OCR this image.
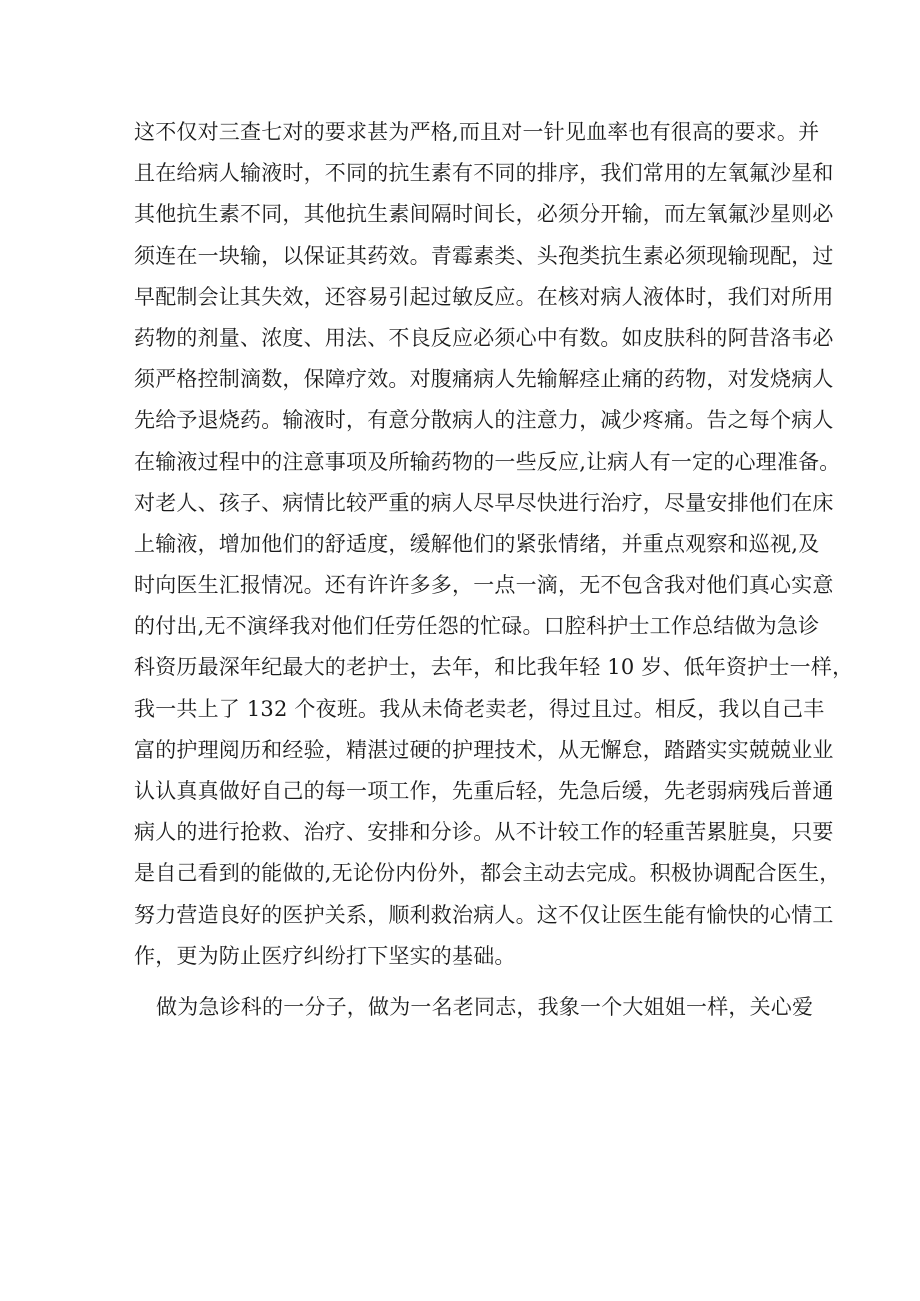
这不仅对三查七对的要求甚为严格,而且对一针见血率也有很高的要求。并
且在给病人输液时，不同的抗生素有不同的排序，我们常用的左氧氟沙星和
其他抗生素不同，其他抗生素间隔时间长，必须分开输，而左氧氟沙星则必
须连在一块输，以保证其药效。青霉素类、头孢类抗生素必须现输现配，过
早配制会让其失效，还容易引起过敏反应。在核对病人液体时，我们对所用
药物的剂量、浓度、用法、不良反应必须心中有数。如皮肤科的阿昔洛韦必
须严格控制滴数，保障疗效。对腹痛病人先输解痉止痛的药物，对发烧病人
先给予退烧药。输液时，有意分散病人的注意力，减少疼痛。告之每个病人
在输液过程中的注意事项及所输药物的一些反应,让病人有一定的心理准备。
对老人、孩子、病情比较严重的病人尽早尽快进行治疗，尽量安排他们在床
上输液，增加他们的舒适度，缓解他们的紧张情绪，并重点观察和巡视,及
时向医生汇报情况。还有许许多多，一点一滴，无不包含我对他们真心实意
的付出,无不演绎我对他们任劳任怨的忙碌。口腔科护士工作总结做为急诊
科资历最深年纪最大的老护士，去年，和比我年轻 10 岁、低年资护士一样，
我一共上了 132 个夜班。我从未倚老卖老，得过且过。相反，我以自己丰
富的护理阅历和经验，精湛过硬的护理技术，从无懈怠，踏踏实实兢兢业业
认认真真做好自己的每一项工作，先重后轻，先急后缓，先老弱病残后普通
病人的进行抢救、治疗、安排和分诊。从不计较工作的轻重苦累脏臭，只要
是自己看到的能做的,无论份内份外，都会主动去完成。积极协调配合医生，
努力营造良好的医护关系，顺利救治病人。这不仅让医生能有愉快的心情工
作，更为防止医疗纠纷打下坚实的基础。
做为急诊科的一分子，做为一名老同志，我象一个大姐姐一样，关心爱
